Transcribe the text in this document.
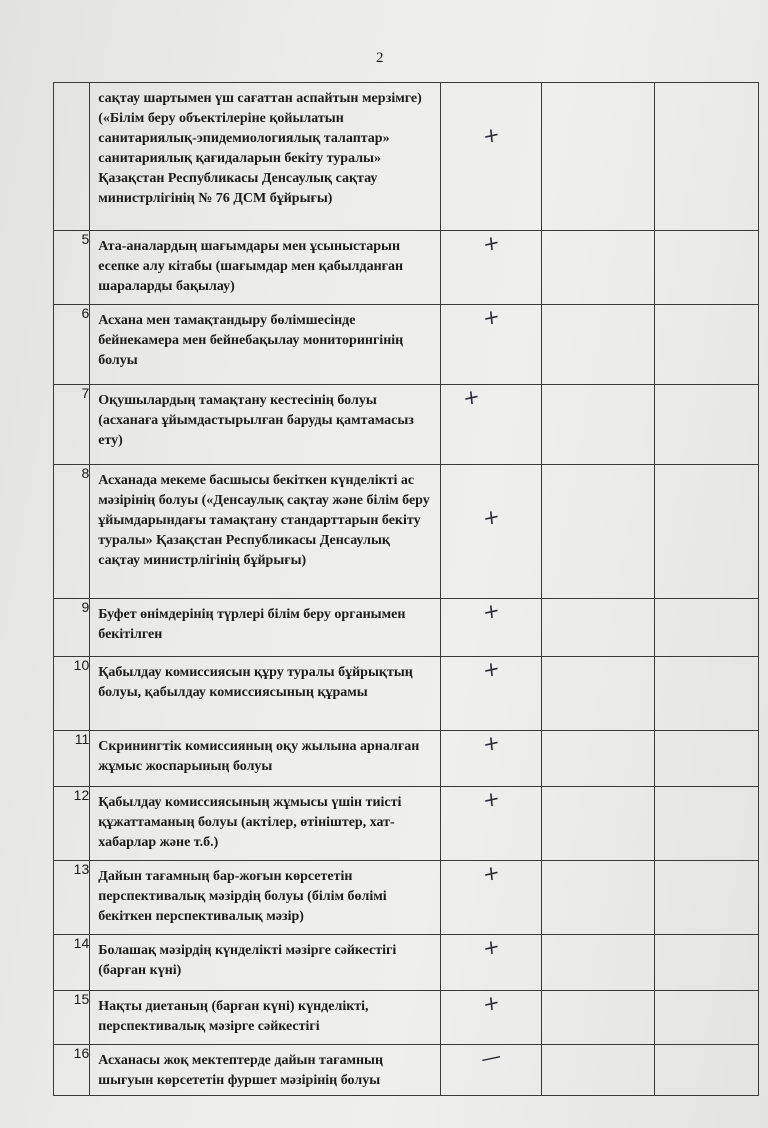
2
	сақтау шартымен үш сағаттан аспайтын мерзімге) («Білім беру объектілеріне қойылатын санитариялық-эпидемиологиялық талаптар» санитариялық қағидаларын бекіту туралы» Қазақстан Республикасы Денсаулық сақтау министрлігінің № 76 ДСМ бұйрығы)	+		
5	Ата-аналардың шағымдары мен ұсыныстарын есепке алу кітабы (шағымдар мен қабылданған шараларды бақылау)	+		
6	Асхана мен тамақтандыру бөлімшесінде бейнекамера мен бейнебақылау мониторингінің болуы	+		
7	Оқушылардың тамақтану кестесінің болуы (асханаға ұйымдастырылған баруды қамтамасыз ету)	+		
8	Асханада мекеме басшысы бекіткен күнделікті ас мәзірінің болуы («Денсаулық сақтау және білім беру ұйымдарындағы тамақтану стандарттарын бекіту туралы» Қазақстан Республикасы Денсаулық сақтау министрлігінің бұйрығы)	+		
9	Буфет өнімдерінің түрлері білім беру органымен бекітілген	+		
10	Қабылдау комиссиясын құру туралы бұйрықтың болуы, қабылдау комиссиясының құрамы	+		
11	Скринингтік комиссияның оқу жылына арналған жұмыс жоспарының болуы	+		
12	Қабылдау комиссиясының жұмысы үшін тиісті құжаттаманың болуы (актілер, өтініштер, хат-хабарлар және т.б.)	+		
13	Дайын тағамның бар-жоғын көрсететін перспективалық мәзірдің болуы (білім бөлімі бекіткен перспективалық мәзір)	+		
14	Болашақ мәзірдің күнделікті мәзірге сәйкестігі (барған күні)	+		
15	Нақты диетаның (барған күні) күнделікті, перспективалық мәзірге сәйкестігі	+		
16	Асханасы жоқ мектептерде дайын тағамның шығуын көрсететін фуршет мәзірінің болуы	—		
